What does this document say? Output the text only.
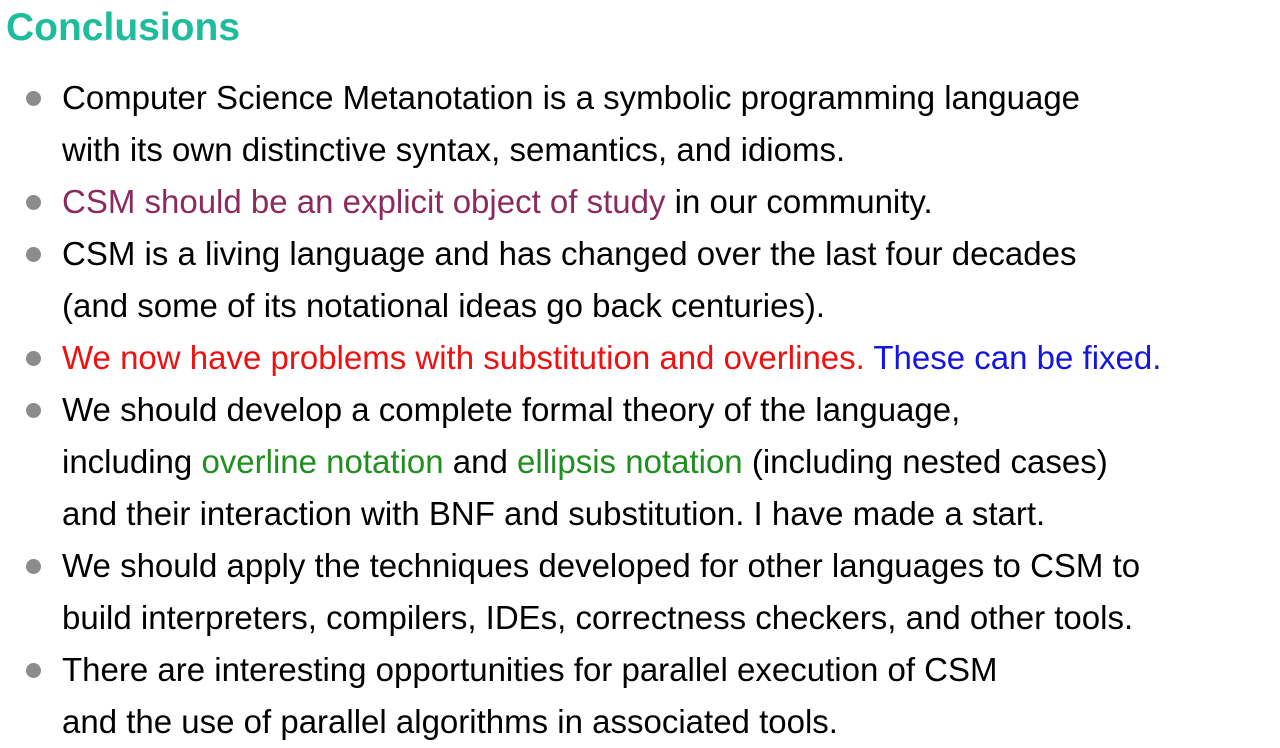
Conclusions
Computer Science Metanotation is a symbolic programming language
with its own distinctive syntax, semantics, and idioms.
CSM should be an explicit object of study in our community.
CSM is a living language and has changed over the last four decades
(and some of its notational ideas go back centuries).
We now have problems with substitution and overlines. These can be fixed.
We should develop a complete formal theory of the language,
including overline notation and ellipsis notation (including nested cases)
and their interaction with BNF and substitution. I have made a start.
We should apply the techniques developed for other languages to CSM to
build interpreters, compilers, IDEs, correctness checkers, and other tools.
There are interesting opportunities for parallel execution of CSM
and the use of parallel algorithms in associated tools.
